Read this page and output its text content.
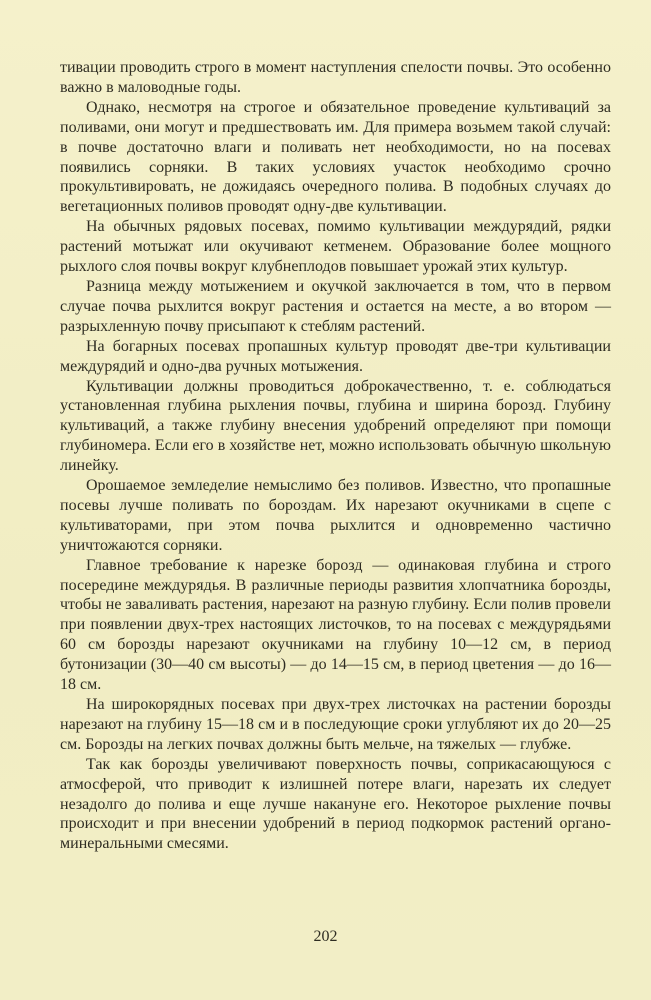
тивации проводить строго в момент наступления спелости почвы. Это особенно важно в маловодные годы.

Однако, несмотря на строгое и обязательное проведение культиваций за поливами, они могут и предшествовать им. Для примера возьмем такой случай: в почве достаточно влаги и поливать нет необходимости, но на посевах появились сорняки. В таких условиях участок необходимо срочно прокультивировать, не дожидаясь очередного полива. В подобных случаях до вегетационных поливов проводят одну-две культивации.

На обычных рядовых посевах, помимо культивации междурядий, рядки растений мотыжат или окучивают кетменем. Образование более мощного рыхлого слоя почвы вокруг клубнеплодов повышает урожай этих культур.

Разница между мотыжением и окучкой заключается в том, что в первом случае почва рыхлится вокруг растения и остается на месте, а во втором — разрыхленную почву присыпают к стеблям растений.

На богарных посевах пропашных культур проводят две-три культивации междурядий и одно-два ручных мотыжения.

Культивации должны проводиться доброкачественно, т. е. соблюдаться установленная глубина рыхления почвы, глубина и ширина борозд. Глубину культиваций, а также глубину внесения удобрений определяют при помощи глубиномера. Если его в хозяйстве нет, можно использовать обычную школьную линейку.

Орошаемое земледелие немыслимо без поливов. Известно, что пропашные посевы лучше поливать по бороздам. Их нарезают окучниками в сцепе с культиваторами, при этом почва рыхлится и одновременно частично уничтожаются сорняки.

Главное требование к нарезке борозд — одинаковая глубина и строго посередине междурядья. В различные периоды развития хлопчатника борозды, чтобы не заваливать растения, нарезают на разную глубину. Если полив провели при появлении двух-трех настоящих листочков, то на посевах с междурядьями 60 см борозды нарезают окучниками на глубину 10—12 см, в период бутонизации (30—40 см высоты) — до 14—15 см, в период цветения — до 16—18 см.

На широкорядных посевах при двух-трех листочках на растении борозды нарезают на глубину 15—18 см и в последующие сроки углубляют их до 20—25 см. Борозды на легких почвах должны быть мельче, на тяжелых — глубже.

Так как борозды увеличивают поверхность почвы, соприкасающуюся с атмосферой, что приводит к излишней потере влаги, нарезать их следует незадолго до полива и еще лучше накануне его. Некоторое рыхление почвы происходит и при внесении удобрений в период подкормок растений органо-минеральными смесями.

202
